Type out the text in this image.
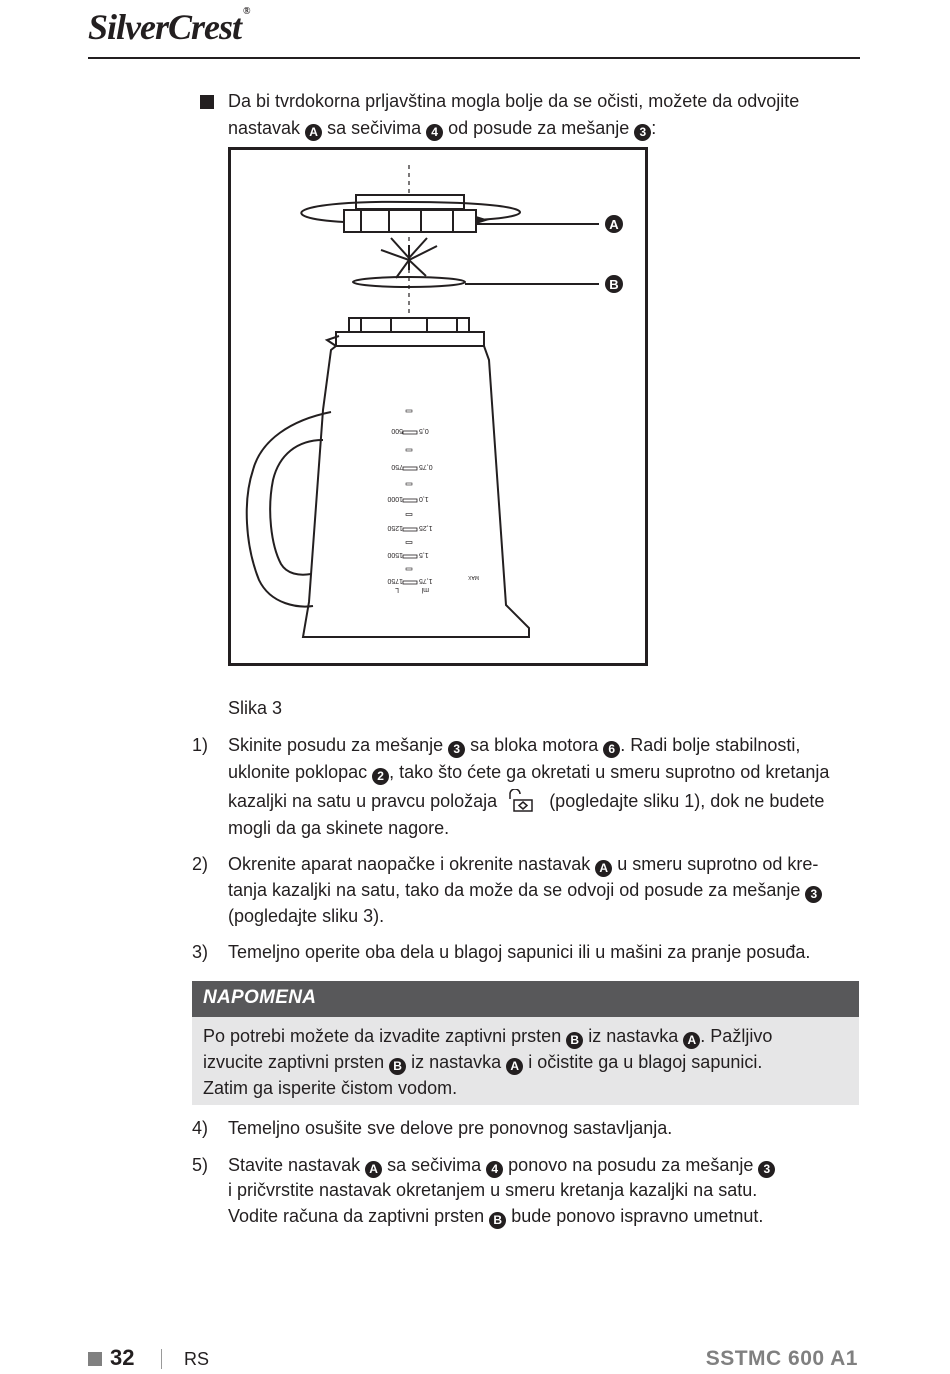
SilverCrest ®
Da bi tvrdokorna prljavština mogla bolje da se očisti, možete da odvojite
nastavak A sa sečivima 4 od posude za mešanje 3 :
A
B
500 0,5
750 0,75
1000 1,0
1250 1,25
1500 1,5
1750 1,75
ml
L
MAX
Slika 3
1) Skinite posudu za mešanje 3 sa bloka motora 6 . Radi bolje stabilnosti,
uklonite poklopac 2 , tako što ćete ga okretati u smeru suprotno od kretanja
kazaljki na satu u pravcu položaja	(pogledajte sliku 1), dok ne budete
mogli da ga skinete nagore.
2) Okrenite aparat naopačke i okrenite nastavak A u smeru suprotno od kre-
tanja kazaljki na satu, tako da može da se odvoji od posude za mešanje 3
(pogledajte sliku 3).
3) Temeljno operite oba dela u blagoj sapunici ili u mašini za pranje posuđa.
NAPOMENA
Po potrebi možete da izvadite zaptivni prsten B iz nastavka A . Pažljivo
izvucite zaptivni prsten B iz nastavka A i očistite ga u blagoj sapunici.
Zatim ga isperite čistom vodom.
4) Temeljno osušite sve delove pre ponovnog sastavljanja.
5) Stavite nastavak A sa sečivima 4 ponovo na posudu za mešanje 3
i pričvrstite nastavak okretanjem u smeru kretanja kazaljki na satu.
Vodite računa da zaptivni prsten B bude ponovo ispravno umetnut.
32	RS	SSTMC 600 A1
